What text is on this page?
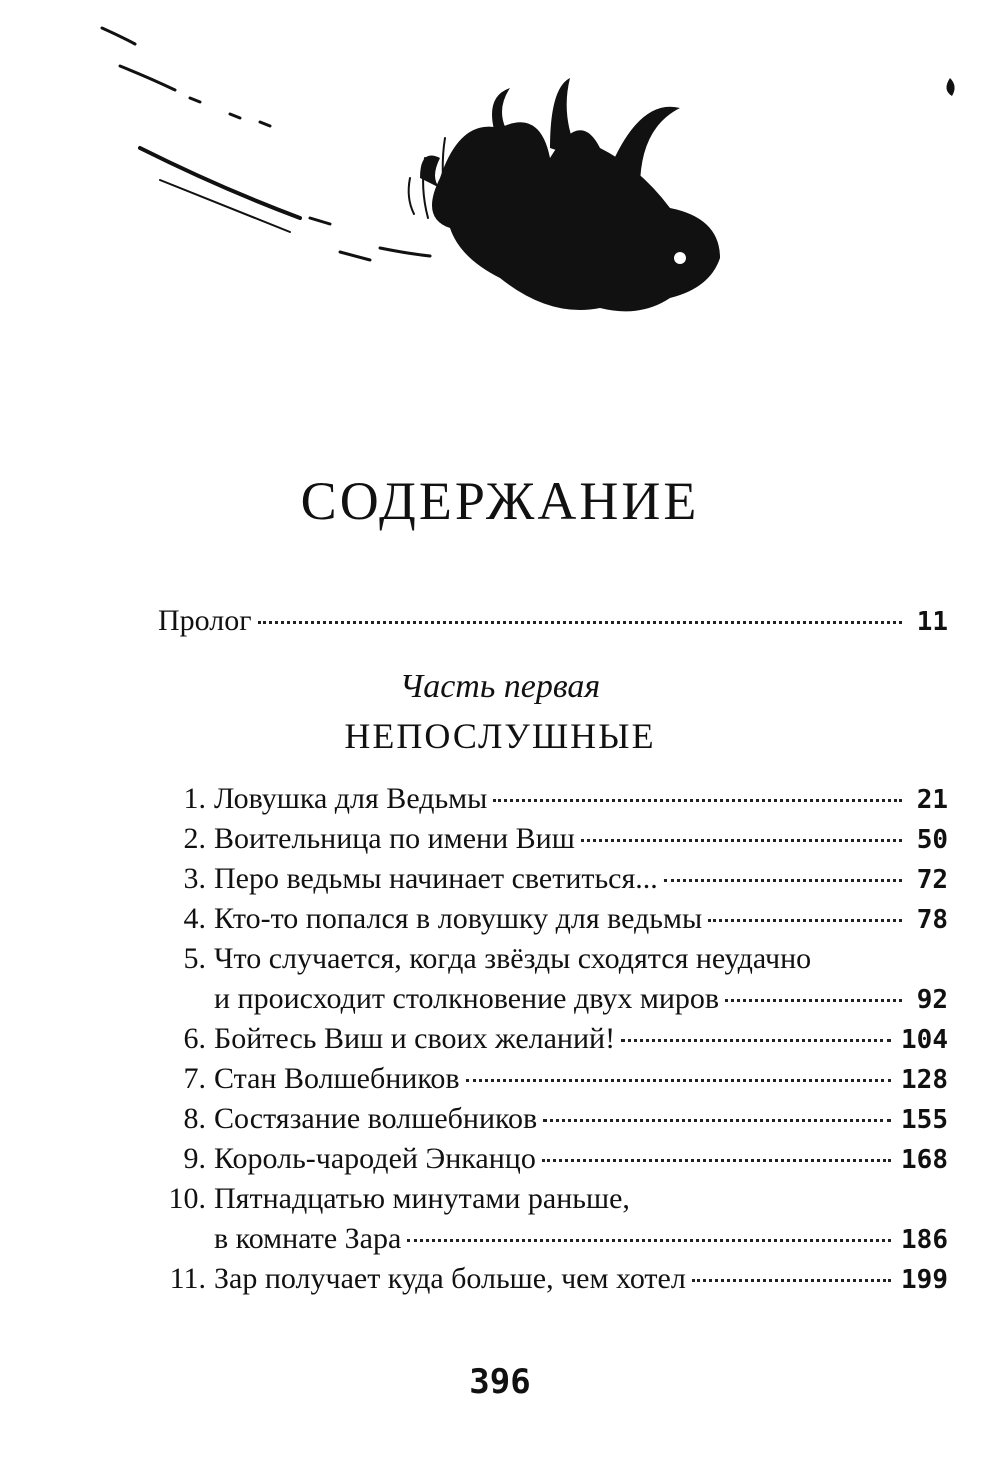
СОДЕРЖАНИЕ
Пролог	11
Часть первая
НЕПОСЛУШНЫЕ
1. Ловушка для Ведьмы	21
2. Воительница по имени Виш	50
3. Перо ведьмы начинает светиться...	72
4. Кто-то попался в ловушку для ведьмы	78
5. Что случается, когда звёзды сходятся неудачно
и происходит столкновение двух миров	92
6. Бойтесь Виш и своих желаний!	104
7. Стан Волшебников	128
8. Состязание волшебников	155
9. Король-чародей Энканцо	168
10. Пятнадцатью минутами раньше,
в комнате Зара	186
11. Зар получает куда больше, чем хотел	199
396
